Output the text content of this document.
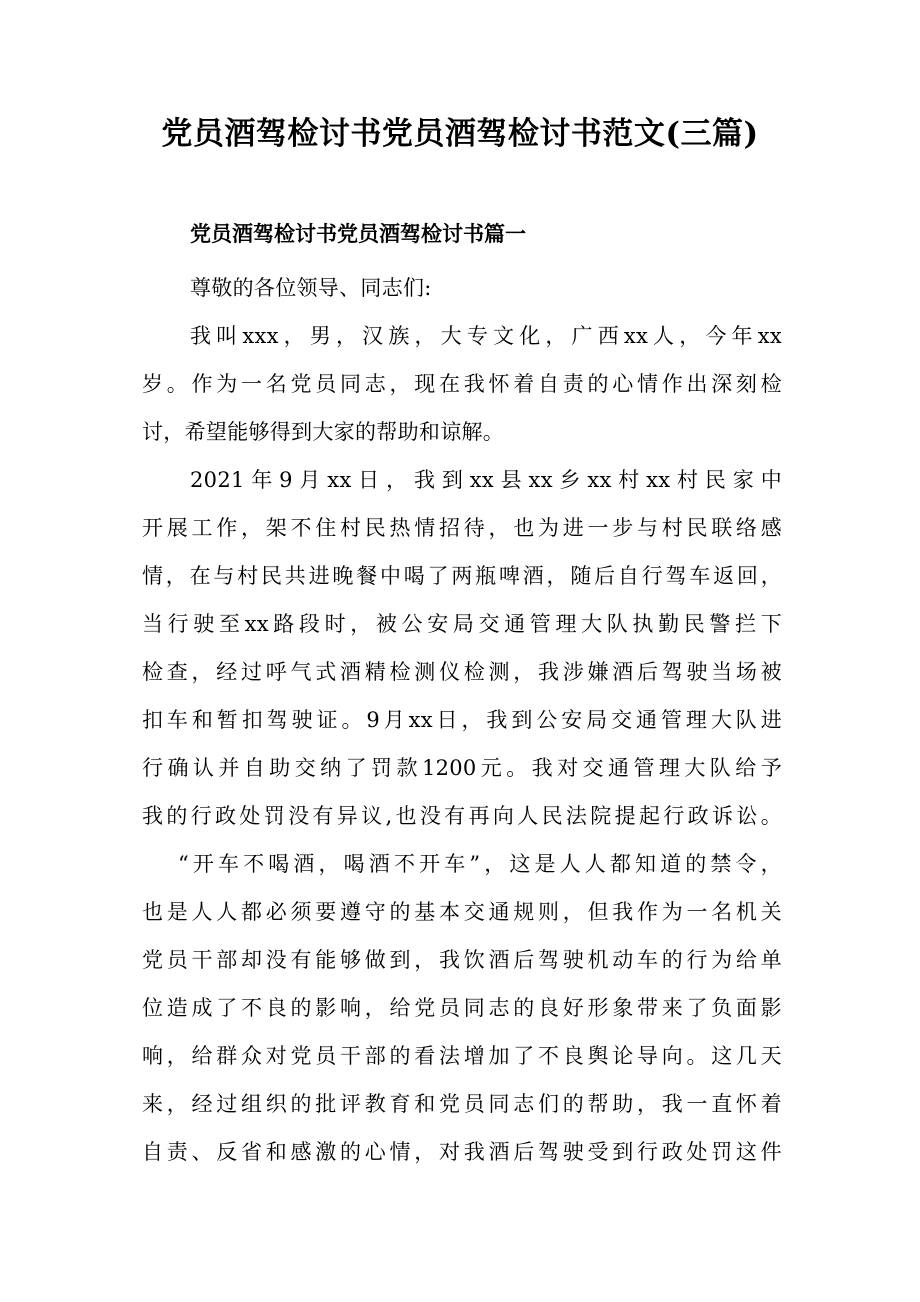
党员酒驾检讨书党员酒驾检讨书范文(三篇)
党员酒驾检讨书党员酒驾检讨书篇一
尊敬的各位领导、同志们:
我叫xxx，男，汉族，大专文化，广西xx人，今年xx
岁。作为一名党员同志，现在我怀着自责的心情作出深刻检
讨，希望能够得到大家的帮助和谅解。
2021年9月xx日，我到xx县xx乡xx村xx村民家中
开展工作，架不住村民热情招待，也为进一步与村民联络感
情，在与村民共进晚餐中喝了两瓶啤酒，随后自行驾车返回，
当行驶至xx路段时，被公安局交通管理大队执勤民警拦下
检查，经过呼气式酒精检测仪检测，我涉嫌酒后驾驶当场被
扣车和暂扣驾驶证。9月xx日，我到公安局交通管理大队进
行确认并自助交纳了罚款1200元。我对交通管理大队给予
我的行政处罚没有异议,也没有再向人民法院提起行政诉讼。
“开车不喝酒，喝酒不开车”，这是人人都知道的禁令，
也是人人都必须要遵守的基本交通规则，但我作为一名机关
党员干部却没有能够做到，我饮酒后驾驶机动车的行为给单
位造成了不良的影响，给党员同志的良好形象带来了负面影
响，给群众对党员干部的看法增加了不良舆论导向。这几天
来，经过组织的批评教育和党员同志们的帮助，我一直怀着
自责、反省和感激的心情，对我酒后驾驶受到行政处罚这件
